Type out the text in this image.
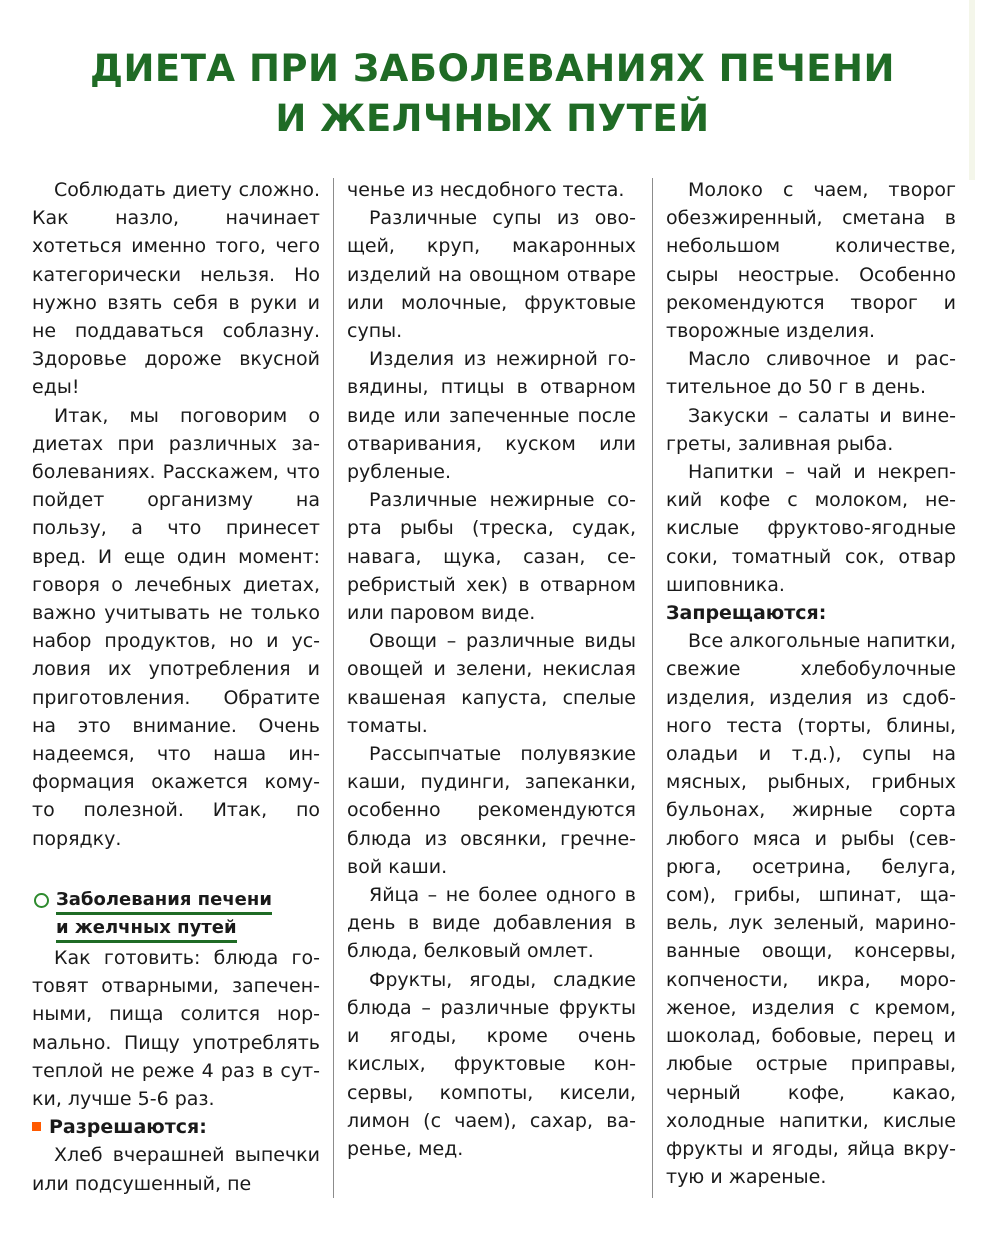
ДИЕТА ПРИ ЗАБОЛЕВАНИЯХ ПЕЧЕНИ
И ЖЕЛЧНЫХ ПУТЕЙ

Соблюдать диету сложно. Как назло, начинает хотеться именно того, чего категорически нельзя. Но нужно взять себя в руки и не поддаваться соблазну. Здоровье дороже вкусной еды!

Итак, мы поговорим о диетах при различных заболеваниях. Расскажем, что пойдет организму на пользу, а что принесет вред. И еще один момент: говоря о лечебных диетах, важно учитывать не только набор продуктов, но и условия их употребления и приготовления. Обратите на это внимание. Очень надеемся, что наша информация окажется кому-то полезной. Итак, по порядку.

Заболевания печени
и желчных путей

Как готовить: блюда готовят отварными, запеченными, пища солится нормально. Пищу употреблять теплой не реже 4 раз в сутки, лучше 5-6 раз.

Разрешаются:

Хлеб вчерашней выпечки или подсушенный, пе

ченье из несдобного теста.

Различные супы из овощей, круп, макаронных изделий на овощном отваре или молочные, фруктовые супы.

Изделия из нежирной говядины, птицы в отварном виде или запеченные после отваривания, куском или рубленые.

Различные нежирные сорта рыбы (треска, судак, навага, щука, сазан, серебристый хек) в отварном или паровом виде.

Овощи – различные виды овощей и зелени, некислая квашеная капуста, спелые томаты.

Рассыпчатые полувязкие каши, пудинги, запеканки, особенно рекомендуются блюда из овсянки, гречневой каши.

Яйца – не более одного в день в виде добавления в блюда, белковый омлет.

Фрукты, ягоды, сладкие блюда – различные фрукты и ягоды, кроме очень кислых, фруктовые консервы, компоты, кисели, лимон (с чаем), сахар, варенье, мед.

Молоко с чаем, творог обезжиренный, сметана в небольшом количестве, сыры неострые. Особенно рекомендуются творог и творожные изделия.

Масло сливочное и растительное до 50 г в день.

Закуски – салаты и винегреты, заливная рыба.

Напитки – чай и некрепкий кофе с молоком, некислые фруктово-ягодные соки, томатный сок, отвар шиповника.

Запрещаются:

Все алкогольные напитки, свежие хлебобулочные изделия, изделия из сдобного теста (торты, блины, оладьи и т.д.), супы на мясных, рыбных, грибных бульонах, жирные сорта любого мяса и рыбы (севрюга, осетрина, белуга, сом), грибы, шпинат, щавель, лук зеленый, маринованные овощи, консервы, копчености, икра, мороженое, изделия с кремом, шоколад, бобовые, перец и любые острые приправы, черный кофе, какао, холодные напитки, кислые фрукты и ягоды, яйца вкрутую и жареные.
